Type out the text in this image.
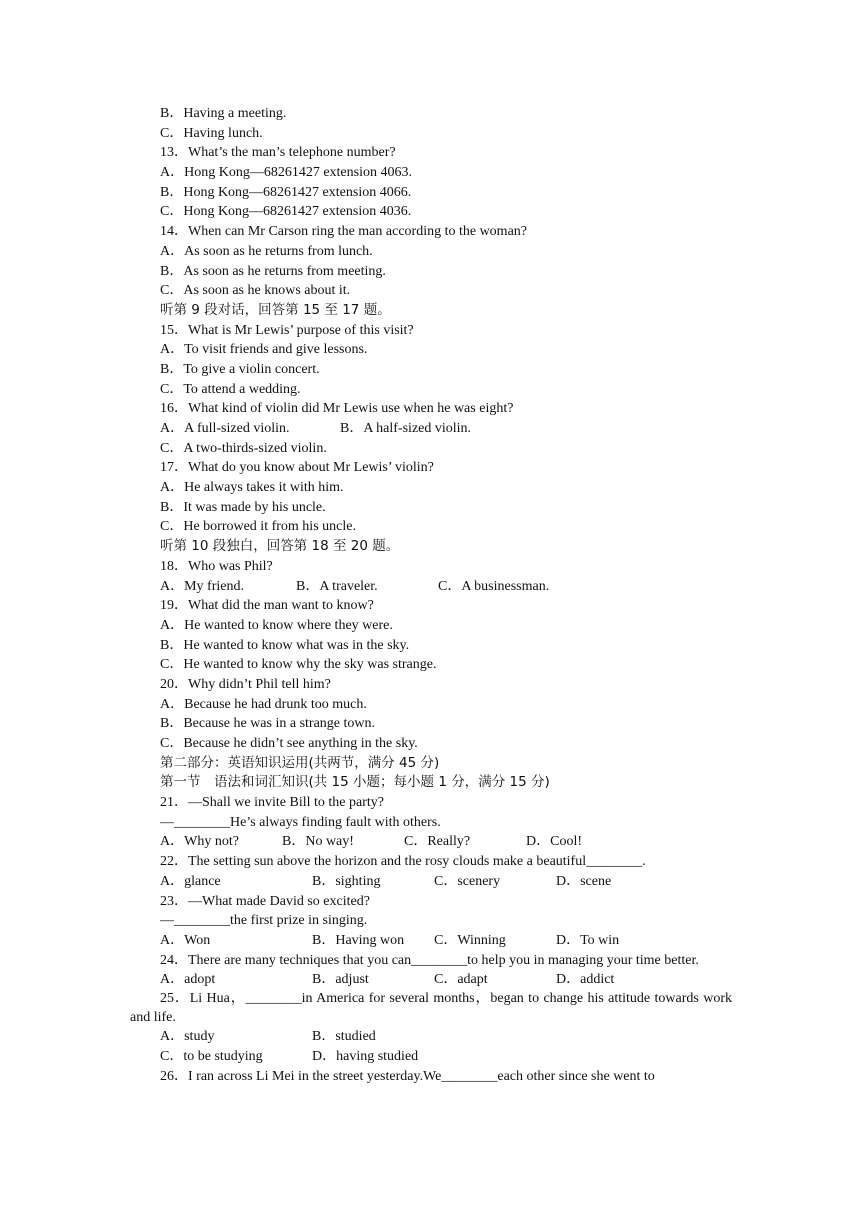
B．Having a meeting.
C．Having lunch.
13．What’s the man’s telephone number?
A．Hong Kong—68261427 extension 4063.
B．Hong Kong—68261427 extension 4066.
C．Hong Kong—68261427 extension 4036.
14．When can Mr Carson ring the man according to the woman?
A．As soon as he returns from lunch.
B．As soon as he returns from meeting.
C．As soon as he knows about it.
听第 9 段对话，回答第 15 至 17 题。
15．What is Mr Lewis’ purpose of this visit?
A．To visit friends and give lessons.
B．To give a violin concert.
C．To attend a wedding.
16．What kind of violin did Mr Lewis use when he was eight?
A．A full-sized violin.	B．A half-sized violin.
C．A two-thirds-sized violin.
17．What do you know about Mr Lewis’ violin?
A．He always takes it with him.
B．It was made by his uncle.
C．He borrowed it from his uncle.
听第 10 段独白，回答第 18 至 20 题。
18．Who was Phil?
A．My friend.	B．A traveler.	C．A businessman.
19．What did the man want to know?
A．He wanted to know where they were.
B．He wanted to know what was in the sky.
C．He wanted to know why the sky was strange.
20．Why didn’t Phil tell him?
A．Because he had drunk too much.
B．Because he was in a strange town.
C．Because he didn’t see anything in the sky.
第二部分：英语知识运用(共两节，满分 45 分)
第一节　语法和词汇知识(共 15 小题；每小题 1 分，满分 15 分)
21．—Shall we invite Bill to the party?
—________He’s always finding fault with others.
A．Why not?	B．No way!	C．Really?	D．Cool!
22．The setting sun above the horizon and the rosy clouds make a beautiful________.
A．glance	B．sighting	C．scenery	D．scene
23．—What made David so excited?
—________the first prize in singing.
A．Won	B．Having won	C．Winning	D．To win
24．There are many techniques that you can________to help you in managing your time better.
A．adopt	B．adjust	C．adapt	D．addict
25．Li Hua，________in America for several months，began to change his attitude towards work and life.
A．study	B．studied
C．to be studying	D．having studied
26．I ran across Li Mei in the street yesterday.We________each other since she went to
